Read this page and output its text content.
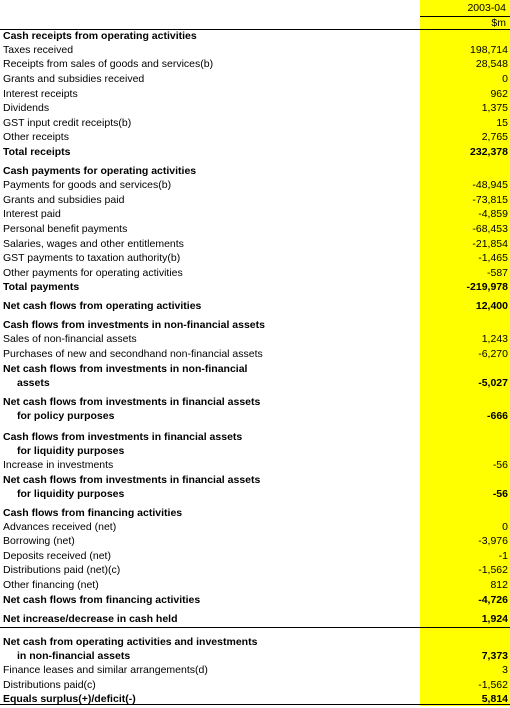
2003-04
$m
Cash receipts from operating activities
Taxes received	198,714
Receipts from sales of goods and services(b)	28,548
Grants and subsidies received	0
Interest receipts	962
Dividends	1,375
GST input credit receipts(b)	15
Other receipts	2,765
Total receipts	232,378
Cash payments for operating activities
Payments for goods and services(b)	-48,945
Grants and subsidies paid	-73,815
Interest paid	-4,859
Personal benefit payments	-68,453
Salaries, wages and other entitlements	-21,854
GST payments to taxation authority(b)	-1,465
Other payments for operating activities	-587
Total payments	-219,978
Net cash flows from operating activities	12,400
Cash flows from investments in non-financial assets
Sales of non-financial assets	1,243
Purchases of new and secondhand non-financial assets	-6,270
Net cash flows from investments in non-financial
assets	-5,027
Net cash flows from investments in financial assets
for policy purposes	-666
Cash flows from investments in financial assets
for liquidity purposes
Increase in investments	-56
Net cash flows from investments in financial assets
for liquidity purposes	-56
Cash flows from financing activities
Advances received (net)	0
Borrowing (net)	-3,976
Deposits received (net)	-1
Distributions paid (net)(c)	-1,562
Other financing (net)	812
Net cash flows from financing activities	-4,726
Net increase/decrease in cash held	1,924
Net cash from operating activities and investments
in non-financial assets	7,373
Finance leases and similar arrangements(d)	3
Distributions paid(c)	-1,562
Equals surplus(+)/deficit(-)	5,814
